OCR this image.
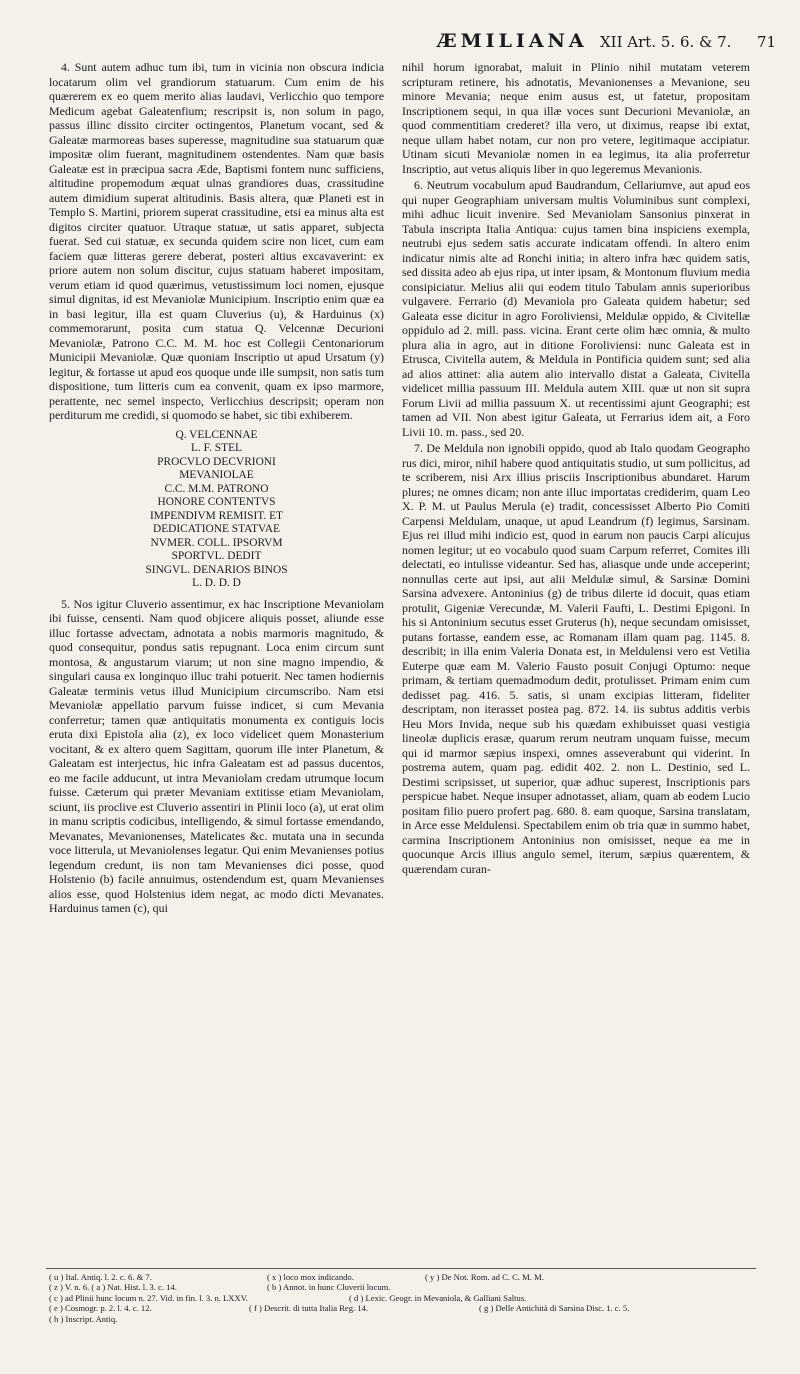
ÆMILIANA XII Art. 5. 6. & 7. 71

4. Sunt autem adhuc tum ibi, tum in vicinia non obscura indicia locatarum olim vel grandiorum statuarum. Cum enim de his quærerem ex eo quem merito alias laudavi, Verlicchio quo tempore Medicum agebat Galeatenfium; rescripsit is, non solum in pago, passus illinc dissito circiter octingentos, Planetum vocant, sed & Galeatæ marmoreas bases superesse, magnitudine sua statuarum quæ impositæ olim fuerant, magnitudinem ostendentes. Nam quæ basis Galeatæ est in præcipua sacra Æde, Baptismi fontem nunc sufficiens, altitudine propemodum æquat ulnas grandiores duas, crassitudine autem dimidium superat altitudinis. Basis altera, quæ Planeti est in Templo S. Martini, priorem superat crassitudine, etsi ea minus alta est digitos circiter quatuor. Utraque statuæ, ut satis apparet, subjecta fuerat. Sed cui statuæ, ex secunda quidem scire non licet, cum eam faciem quæ litteras gerere deberat, posteri altius excavaverint: ex priore autem non solum discitur, cujus statuam haberet impositam, verum etiam id quod quærimus, vetustissimum loci nomen, ejusque simul dignitas, id est Mevaniolæ Municipium. Inscriptio enim quæ ea in basi legitur, illa est quam Cluverius (u), & Harduinus (x) commemorarunt, posita cum statua Q. Velcennæ Decurioni Mevaniolæ, Patrono C.C. M. M. hoc est Collegii Centonariorum Municipii Mevaniolæ. Quæ quoniam Inscriptio ut apud Ursatum (y) legitur, & fortasse ut apud eos quoque unde ille sumpsit, non satis tum dispositione, tum litteris cum ea convenit, quam ex ipso marmore, perattente, nec semel inspecto, Verlicchius descripsit; operam non perditurum me credidi, si quomodo se habet, sic tibi exhiberem.

Q. VELCENNAE
L. F. STEL
PROCVLO DECVRIONI
MEVANIOLAE
C.C. M.M. PATRONO
HONORE CONTENTVS
IMPENDIVM REMISIT. ET
DEDICATIONE STATVAE
NVMER. COLL. IPSORVM
SPORTVL. DEDIT
SINGVL. DENARIOS BINOS
L. D. D. D

5. Nos igitur Cluverio assentimur, ex hac Inscriptione Mevaniolam ibi fuisse, censenti. Nam quod objicere aliquis posset, aliunde esse illuc fortasse advectam, adnotata a nobis marmoris magnitudo, & quod consequitur, pondus satis repugnant. Loca enim circum sunt montosa, & angustarum viarum; ut non sine magno impendio, & singulari causa ex longinquo illuc trahi potuerit. Nec tamen hodiernis Galeatæ terminis vetus illud Municipium circumscribo. Nam etsi Mevaniolæ appellatio parvum fuisse indicet, si cum Mevania conferretur; tamen quæ antiquitatis monumenta ex contiguis locis eruta dixi Epistola alia (z), ex loco videlicet quem Monasterium vocitant, & ex altero quem Sagittam, quorum ille inter Planetum, & Galeatam est interjectus, hic infra Galeatam est ad passus ducentos, eo me facile adducunt, ut intra Mevaniolam credam utrumque locum fuisse. Cæterum qui præter Mevaniam extitisse etiam Mevaniolam, sciunt, iis proclive est Cluverio assentiri in Plinii loco (a), ut erat olim in manu scriptis codicibus, intelligendo, & simul fortasse emendando, Mevanates, Mevanionenses, Matelicates &c. mutata una in secunda voce litterula, ut Mevaniolenses legatur. Qui enim Mevanienses potius legendum credunt, iis non tam Mevanienses dici posse, quod Holstenio (b) facile annuimus, ostendendum est, quam Mevanienses alios esse, quod Holstenius idem negat, ac modo dicti Mevanates. Harduinus tamen (c), qui

nihil horum ignorabat, maluit in Plinio nihil mutatam veterem scripturam retinere, his adnotatis, Mevanionenses a Mevanione, seu minore Mevania; neque enim ausus est, ut fatetur, propositam Inscriptionem sequi, in qua illæ voces sunt Decurioni Mevaniolæ, an quod commentitiam crederet? illa vero, ut diximus, reapse ibi extat, neque ullam habet notam, cur non pro vetere, legitimaque accipiatur. Utinam sicuti Mevaniolæ nomen in ea legimus, ita alia proferretur Inscriptio, aut vetus aliquis liber in quo legeremus Mevanionis.

6. Neutrum vocabulum apud Baudrandum, Cellariumve, aut apud eos qui nuper Geographiam universam multis Voluminibus sunt complexi, mihi adhuc licuit invenire. Sed Mevaniolam Sansonius pinxerat in Tabula inscripta Italia Antiqua: cujus tamen bina inspiciens exempla, neutrubi ejus sedem satis accurate indicatam offendi. In altero enim indicatur nimis alte ad Ronchi initia; in altero infra hæc quidem satis, sed dissita adeo ab ejus ripa, ut inter ipsam, & Montonum fluvium media consipiciatur. Melius alii qui eodem titulo Tabulam annis superioribus vulgavere. Ferrario (d) Mevaniola pro Galeata quidem habetur; sed Galeata esse dicitur in agro Foroliviensi, Meldulæ oppido, & Civitellæ oppidulo ad 2. mill. pass. vicina. Erant certe olim hæc omnia, & multo plura alia in agro, aut in ditione Foroliviensi: nunc Galeata est in Etrusca, Civitella autem, & Meldula in Pontificia quidem sunt; sed alia ad alios attinet: alia autem alio intervallo distat a Galeata, Civitella videlicet millia passuum III. Meldula autem XIII. quæ ut non sit supra Forum Livii ad millia passuum X. ut recentissimi ajunt Geographi; est tamen ad VII. Non abest igitur Galeata, ut Ferrarius idem ait, a Foro Livii 10. m. pass., sed 20.

7. De Meldula non ignobili oppido, quod ab Italo quodam Geographo rus dici, miror, nihil habere quod antiquitatis studio, ut sum pollicitus, ad te scriberem, nisi Arx illius prisciis Inscriptionibus abundaret. Harum plures; ne omnes dicam; non ante illuc importatas crediderim, quam Leo X. P. M. ut Paulus Merula (e) tradit, concessisset Alberto Pio Comiti Carpensi Meldulam, unaque, ut apud Leandrum (f) legimus, Sarsinam. Ejus rei illud mihi indicio est, quod in earum non paucis Carpi alicujus nomen legitur; ut eo vocabulo quod suam Carpum referret, Comites illi delectati, eo intulisse videantur. Sed has, aliasque unde unde acceperint; nonnullas certe aut ipsi, aut alii Meldulæ simul, & Sarsinæ Domini Sarsina advexere. Antoninius (g) de tribus dilerte id docuit, quas etiam protulit, Gigeniæ Verecundæ, M. Valerii Faufti, L. Destimi Epigoni. In his si Antoninium secutus esset Gruterus (h), neque secundam omisisset, putans fortasse, eandem esse, ac Romanam illam quam pag. 1145. 8. describit; in illa enim Valeria Donata est, in Meldulensi vero est Vetilia Euterpe quæ eam M. Valerio Fausto posuit Conjugi Optumo: neque primam, & tertiam quemadmodum dedit, protulisset. Primam enim cum dedisset pag. 416. 5. satis, si unam excipias litteram, fideliter descriptam, non iterasset postea pag. 872. 14. iis subtus additis verbis Heu Mors Invida, neque sub his quædam exhibuisset quasi vestigia lineolæ duplicis erasæ, quarum rerum neutram unquam fuisse, mecum qui id marmor sæpius inspexi, omnes asseverabunt qui viderint. In postrema autem, quam pag. edidit 402. 2. non L. Destinio, sed L. Destimi scripsisset, ut superior, quæ adhuc superest, Inscriptionis pars perspicue habet. Neque insuper adnotasset, aliam, quam ab eodem Lucio positam filio puero profert pag. 680. 8. eam quoque, Sarsina translatam, in Arce esse Meldulensi. Spectabilem enim ob tria quæ in summo habet, carmina Inscriptionem Antoninius non omisisset, neque ea me in quocunque Arcis illius angulo semel, iterum, sæpius quærentem, & quærendam curan-

( u ) Ital. Antiq. l. 2. c. 6. & 7.	( x ) loco mox indicando.	( y ) De Not. Rom. ad C. C. M. M.
( z ) V. n. 6. ( a ) Nat. Hist. l. 3. c. 14.	( b ) Annot. in hunc Cluverii locum.
( c ) ad Plinii hunc locum n. 27. Vid. in fin. l. 3. n. LXXV.	( d ) Lexic. Geogr. in Mevaniola, & Galliani Saltus.
( e ) Cosmogr. p. 2. l. 4. c. 12.	( f ) Descrit. di tutta Italia Reg. 14.	( g ) Delle Antichità di Sarsina Disc. 1. c. 5.
( h ) Inscript. Antiq.
